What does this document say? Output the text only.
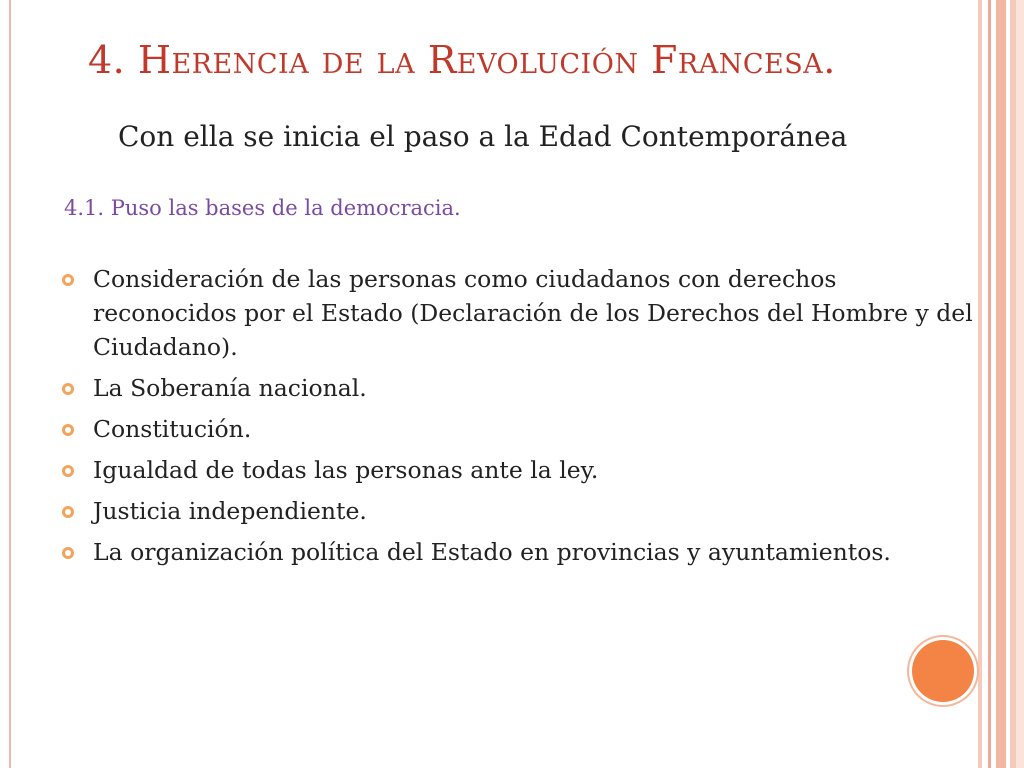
4. Herencia de la Revolución Francesa.
Con ella se inicia el paso a la Edad Contemporánea
4.1. Puso las bases de la democracia.
Consideración de las personas como ciudadanos con derechos reconocidos por el Estado (Declaración de los Derechos del Hombre y del Ciudadano).
La Soberanía nacional.
Constitución.
Igualdad de todas las personas ante la ley.
Justicia independiente.
La organización política del Estado en provincias y ayuntamientos.
